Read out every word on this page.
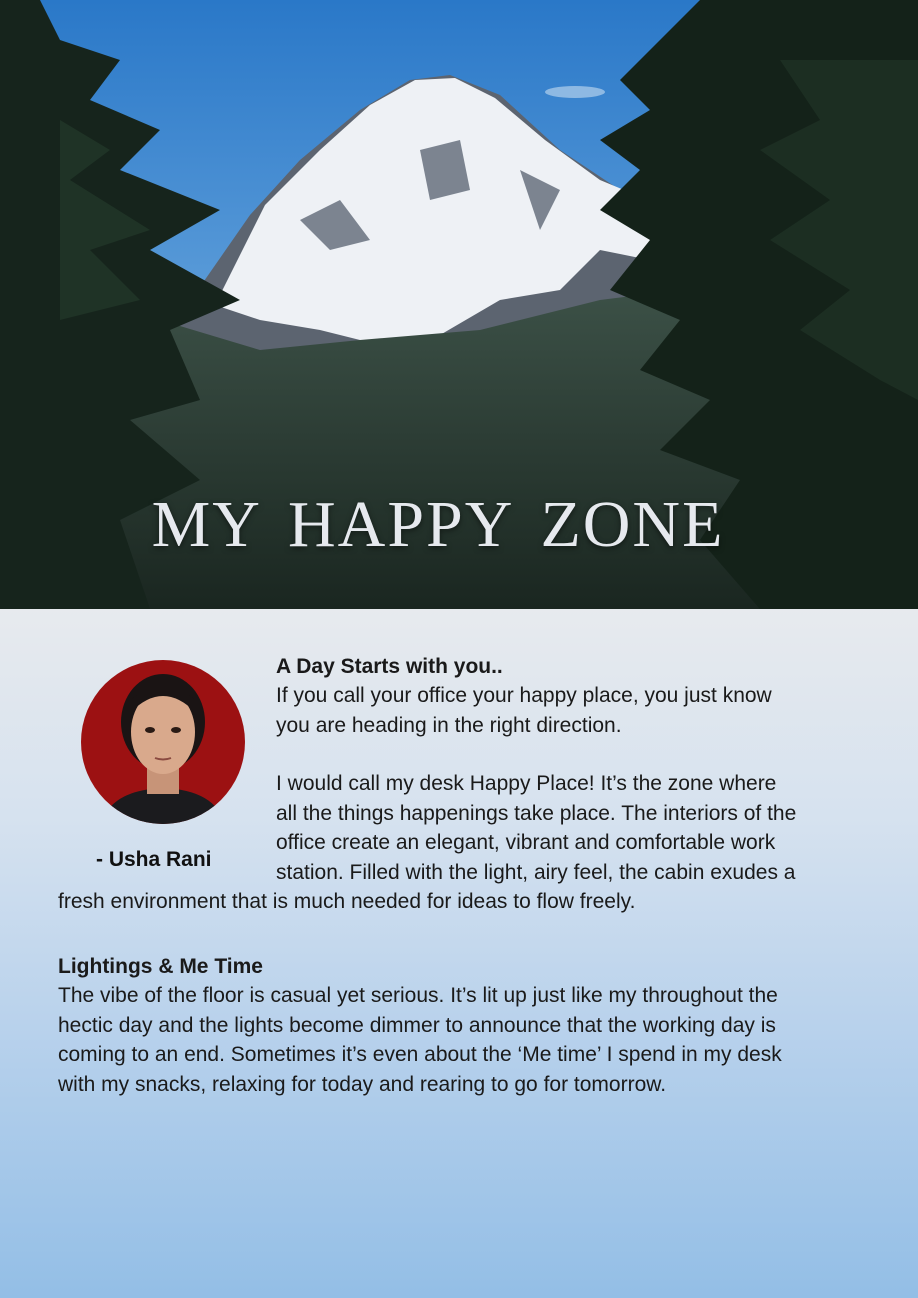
MY HAPPY ZONE

- Usha Rani

A Day Starts with you..

If you call your office your happy place, you just know
you are heading in the right direction.

I would call my desk Happy Place! It’s the zone where
all the things happenings take place. The interiors of the
office create an elegant, vibrant and comfortable work
station. Filled with the light, airy feel, the cabin exudes a

fresh environment that is much needed for ideas to flow freely.

Lightings & Me Time

The vibe of the floor is casual yet serious. It’s lit up just like my throughout the
hectic day and the lights become dimmer to announce that the working day is
coming to an end. Sometimes it’s even about the ‘Me time’ I spend in my desk
with my snacks, relaxing for today and rearing to go for tomorrow.
